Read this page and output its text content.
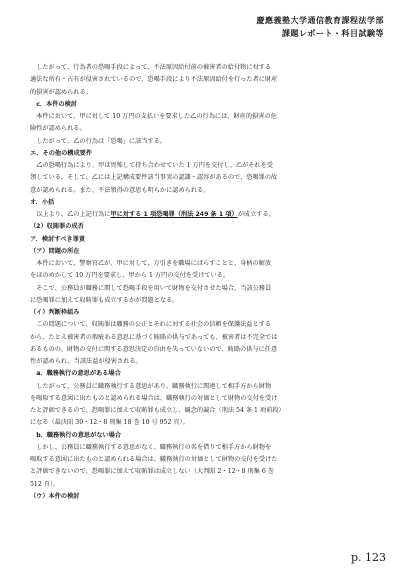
慶應義塾大学通信教育課程法学部
課題レポート・科目試験等

したがって、行為者の恐喝手段によって、不法原因給付前の被害者の給付物に対する

適法な所有・占有が侵害されているので、恐喝手段により不法原因給付を行った者に財産

的損害が認められる。

c．本件の検討

本件において、甲に対して 10 万円の支払いを要求した乙の行為には、財産的損害の危

険性が認められる。

したがって、乙の行為は「恐喝」に該当する。

エ．その他の構成要件

乙の恐喝行為により、甲は畏怖して持ち合わせていた 1 万円を交付し、乙がそれを受

領している。そして、乙には上記構成要件該当事実の認識・認容があるので、恐喝罪の故

意が認められる。また、不法領得の意思も明らかに認められる。

オ．小括

以上より、乙の上記行為に甲に対する 1 項恐喝罪（刑法 249 条 1 項）が成立する。

（2）収賄罪の成否

ア．検討すべき罪責

（ア）問題の所在

本件において、警察官乙が、甲に対して、万引きを職場にばらすことと、身柄の解放

をほのめかして 10 万円を要求し、甲から 1 万円の交付を受けている。

そこで、公務員が職務に関して恐喝手段を用いて財物を交付させた場合、当該公務員

に恐喝罪に加えて収賄罪も成立するかが問題となる。

（イ）判断枠組み

この問題について、収賄罪は職務の公正とそれに対する社会の信頼を保護法益とする

から、たとえ被害者の瑕疵ある意思に基づく賄賂の供与であっても、被害者は不完全では

あるものの、財物の交付に関する意思決定の自由を失っていないので、賄賂の供与に任意

性が認められ、当該法益が侵害される。

a．職務執行の意思がある場合

したがって、公務員に職務執行する意思があり、職務執行に関連して相手方から財物

を喝取する意図に出たものと認められる場合は、職務執行の対価として財物の交付を受け

たと評価できるので、恐喝罪に加えて収賄罪も成立し、観念的競合（刑法 54 条 1 項前段）

になる（最決昭 39・12・8 刑集 18 巻 10 号 952 頁）。

b．職務執行の意思がない場合

しかし、公務員に職務執行する意思がなく、職務執行の名を借りて相手方から財物を

喝取する意図に出たものと認められる場合は、職務執行の対価として財物の交付を受けた

と評価できないので、恐喝罪に加えて収賄罪は成立しない（大判昭 2・12・8 刑集 6 巻

512 頁）。

（ウ）本件の検討

p. 123
